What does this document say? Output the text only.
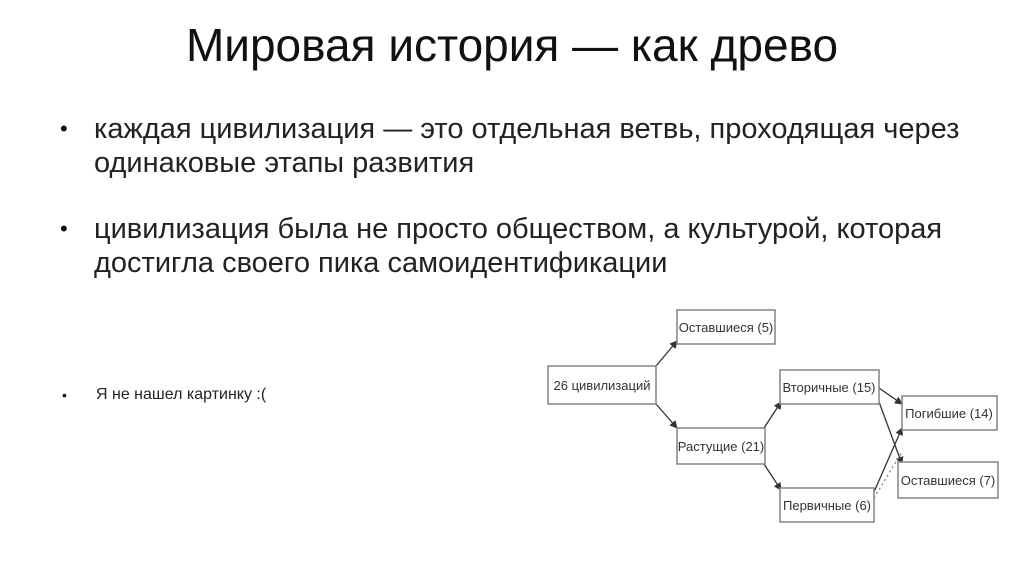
Мировая история — как древо
• каждая цивилизация — это отдельная ветвь, проходящая через одинаковые этапы развития
• цивилизация была не просто обществом, а культурой, которая достигла своего пика самоидентификации
• Я не нашел картинку :(
26 цивилизаций
Оставшиеся (5)
Растущие (21)
Вторичные (15)
Первичные (6)
Погибшие (14)
Оставшиеся (7)
